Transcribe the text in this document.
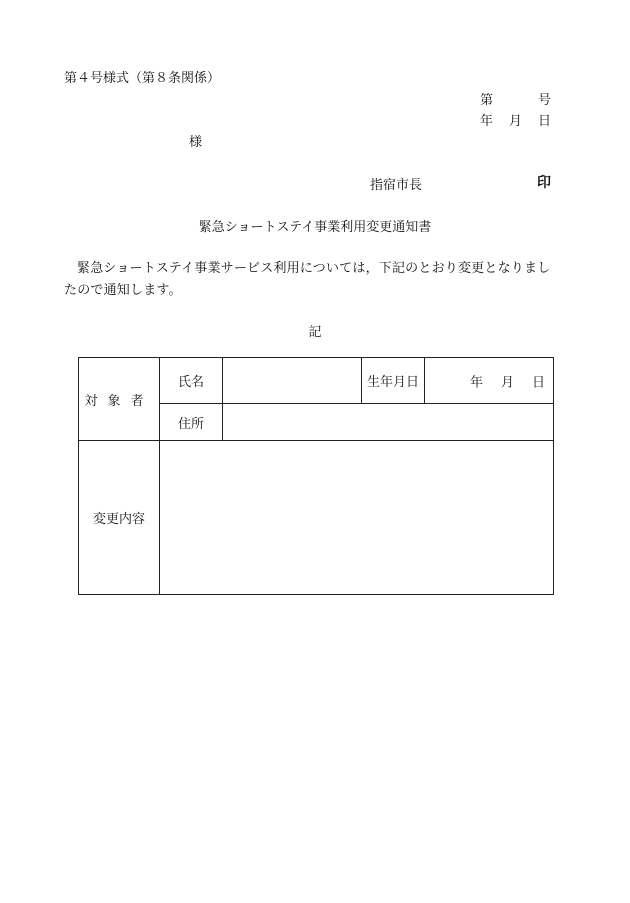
第４号様式（第８条関係）
第	号
年 月 日
様
指宿市長	印
緊急ショートステイ事業利用変更通知書
緊急ショートステイ事業サービス利用については，下記のとおり変更となりましたので通知します。
記
対象者	氏名		生年月日	年 月 日

	住所			
変更内容				
